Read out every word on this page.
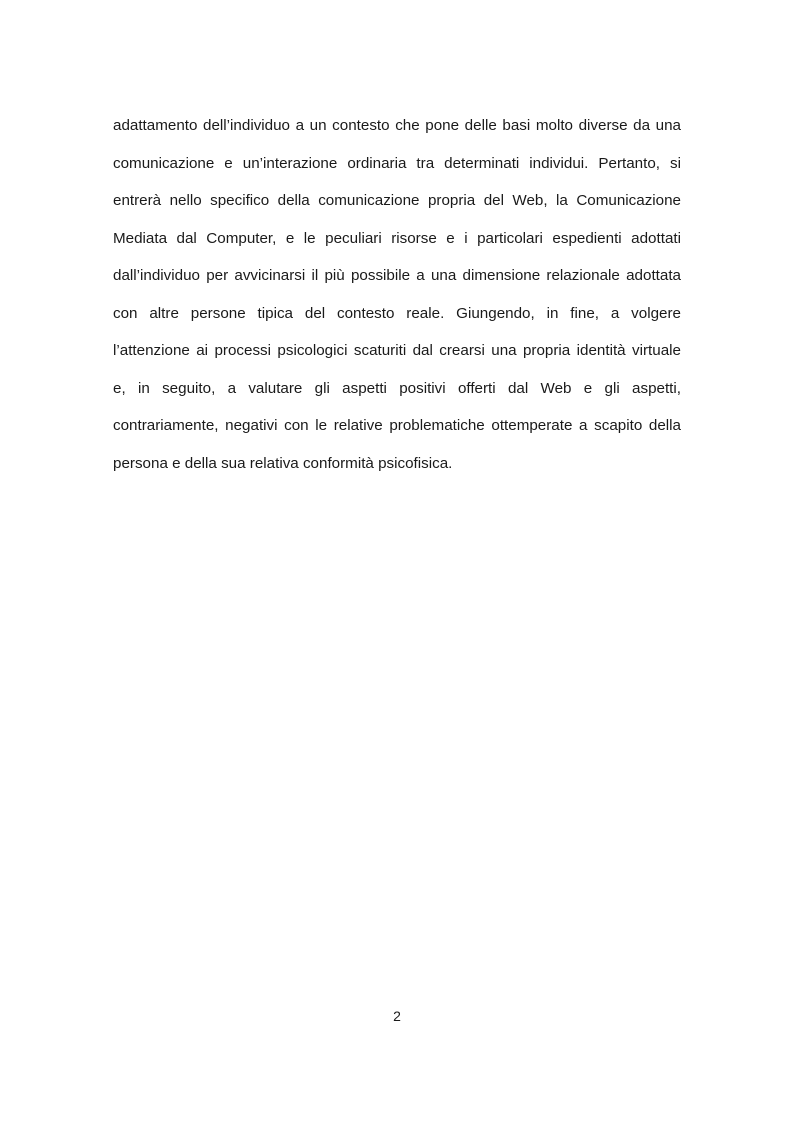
adattamento dell’individuo a un contesto che pone delle basi molto diverse da una
comunicazione e un’interazione ordinaria tra determinati individui. Pertanto, si
entrerà nello specifico della comunicazione propria del Web, la Comunicazione
Mediata dal Computer, e le peculiari risorse e i particolari espedienti adottati
dall’individuo per avvicinarsi il più possibile a una dimensione relazionale adottata
con altre persone tipica del contesto reale. Giungendo, in fine, a volgere
l’attenzione ai processi psicologici scaturiti dal crearsi una propria identità virtuale
e, in seguito, a valutare gli aspetti positivi offerti dal Web e gli aspetti,
contrariamente, negativi con le relative problematiche ottemperate a scapito della
persona e della sua relativa conformità psicofisica.

2
